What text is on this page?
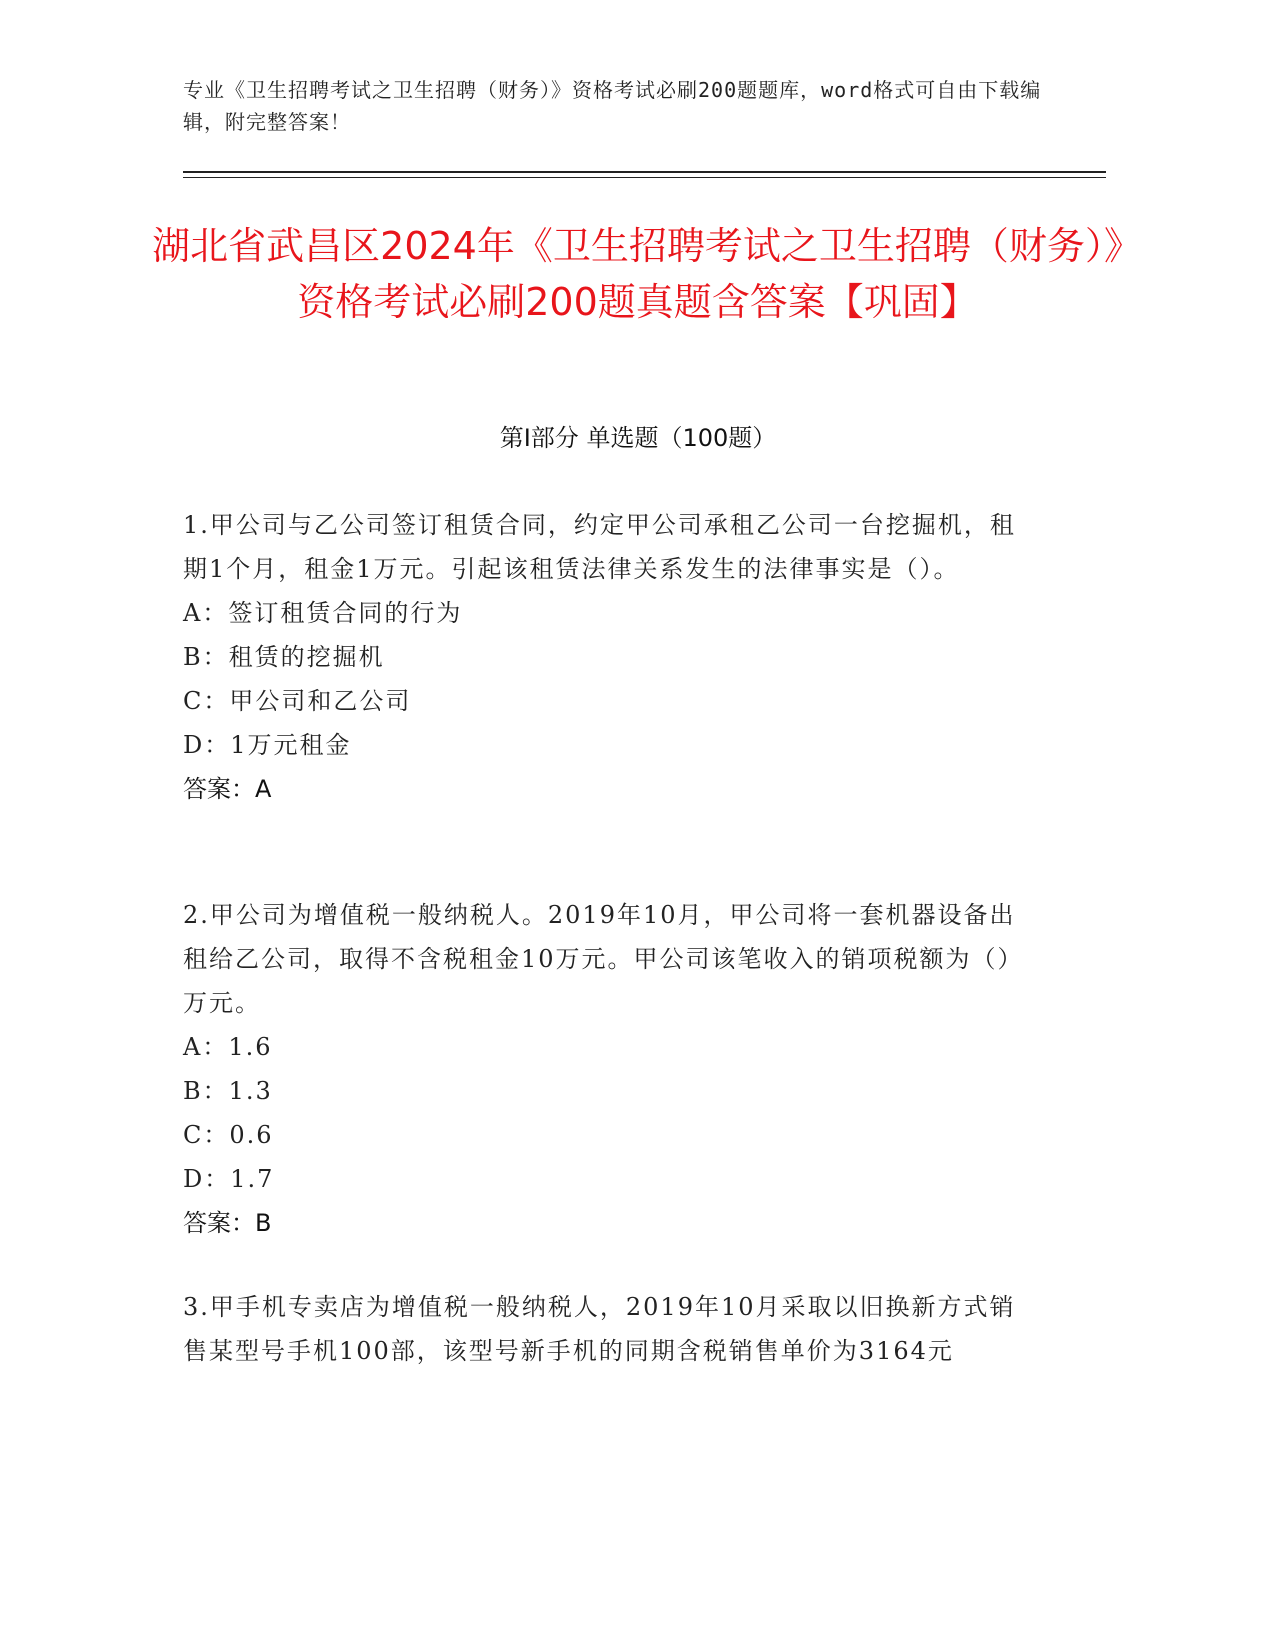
专业《卫生招聘考试之卫生招聘（财务）》资格考试必刷200题题库，word格式可自由下载编辑，附完整答案！
湖北省武昌区2024年《卫生招聘考试之卫生招聘（财务）》资格考试必刷200题真题含答案【巩固】
第I部分 单选题（100题）
1.甲公司与乙公司签订租赁合同，约定甲公司承租乙公司一台挖掘机，租期1个月，租金1万元。引起该租赁法律关系发生的法律事实是（）。
A：签订租赁合同的行为
B：租赁的挖掘机
C：甲公司和乙公司
D：1万元租金
答案：A
2.甲公司为增值税一般纳税人。2019年10月，甲公司将一套机器设备出租给乙公司，取得不含税租金10万元。甲公司该笔收入的销项税额为（）万元。
A：1.6
B：1.3
C：0.6
D：1.7
答案：B
3.甲手机专卖店为增值税一般纳税人，2019年10月采取以旧换新方式销售某型号手机100部，该型号新手机的同期含税销售单价为3164元
